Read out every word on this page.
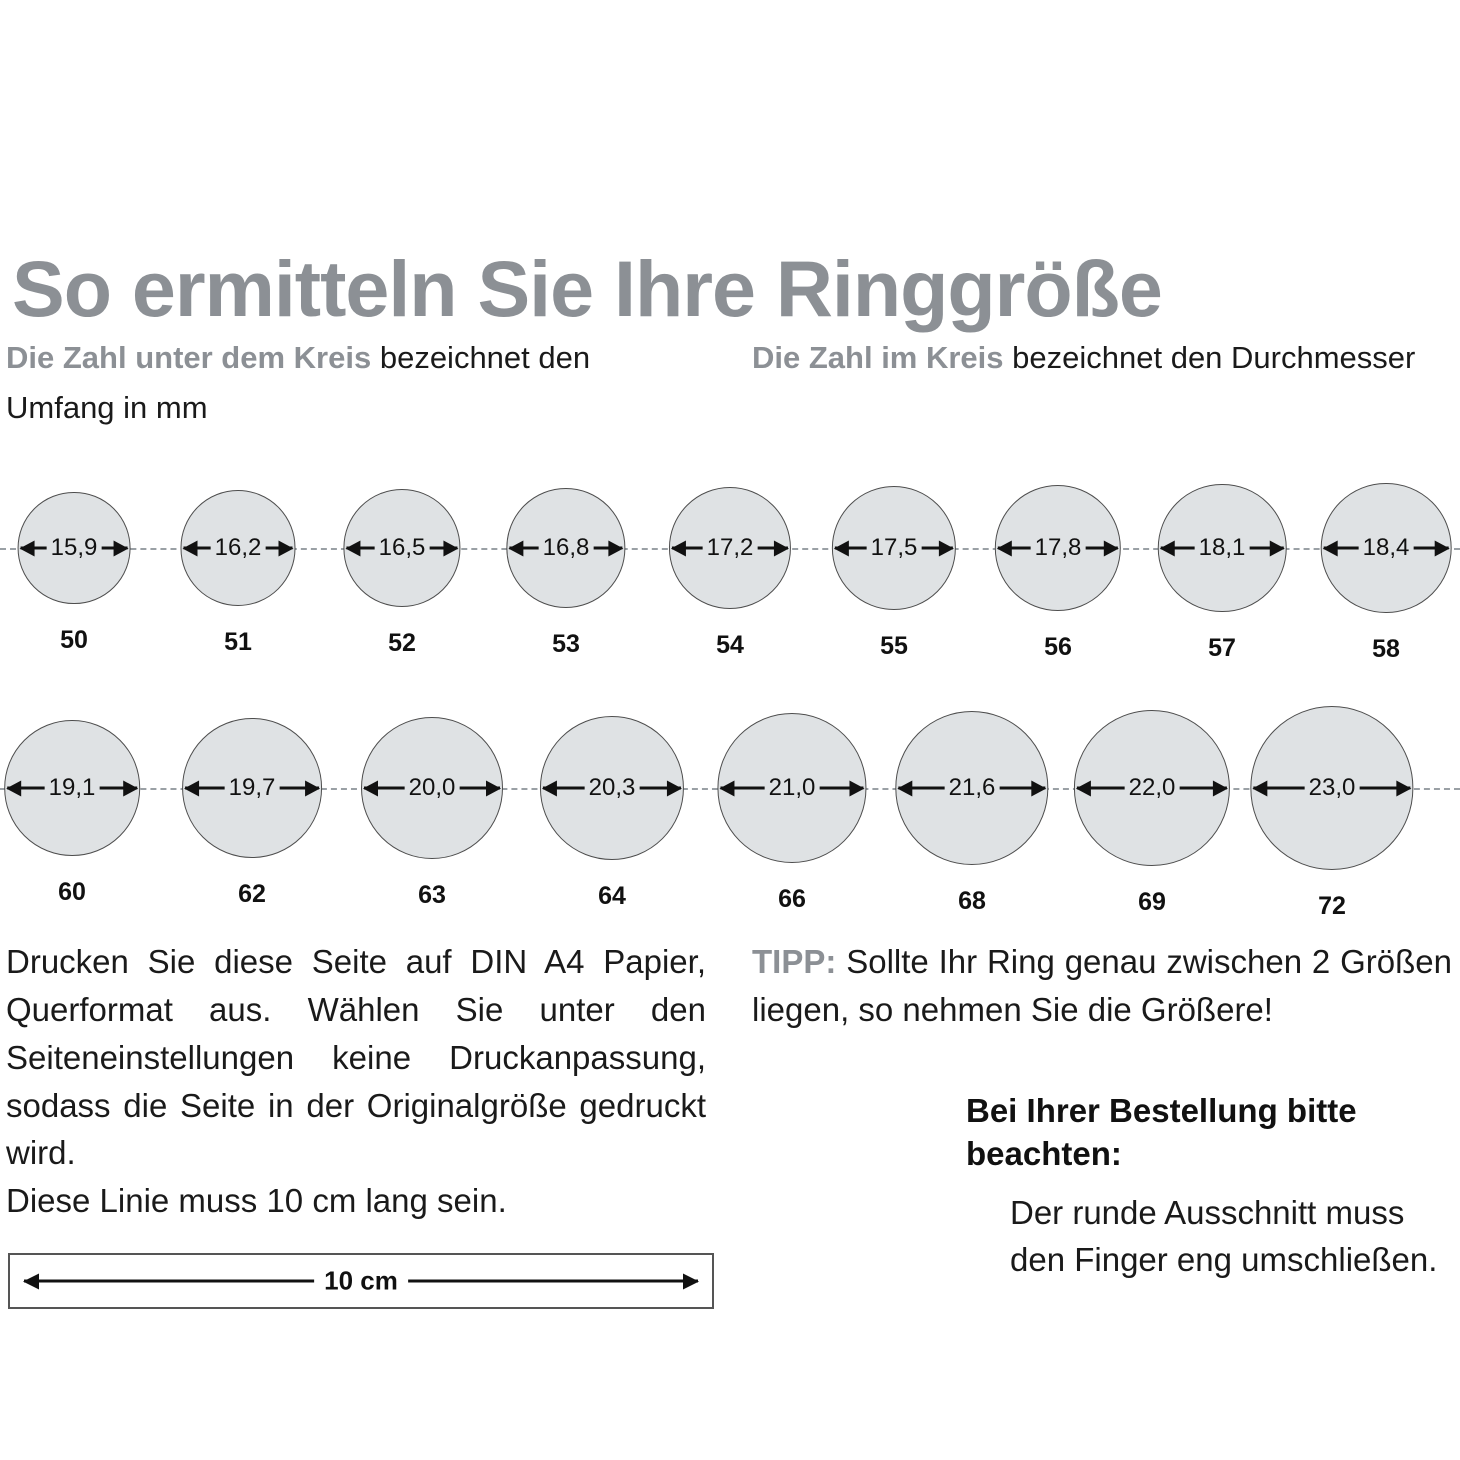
So ermitteln Sie Ihre Ringgröße
Die Zahl unter dem Kreis bezeichnet den Umfang in mm
Die Zahl im Kreis bezeichnet den Durchmesser
15,9
50
16,2
51
16,5
52
16,8
53
17,2
54
17,5
55
17,8
56
18,1
57
18,4
58
19,1
60
19,7
62
20,0
63
20,3
64
21,0
66
21,6
68
22,0
69
23,0
72
Drucken Sie diese Seite auf DIN A4 Papier, Querformat aus. Wählen Sie unter den Seiteneinstellungen keine Druckanpassung, sodass die Seite in der Originalgröße gedruckt wird.
Diese Linie muss 10 cm lang sein.
TIPP: Sollte Ihr Ring genau zwischen 2 Größen liegen, so nehmen Sie die Größere!
Bei Ihrer Bestellung bitte beachten:
Der runde Ausschnitt muss den Finger eng umschließen.
10 cm
